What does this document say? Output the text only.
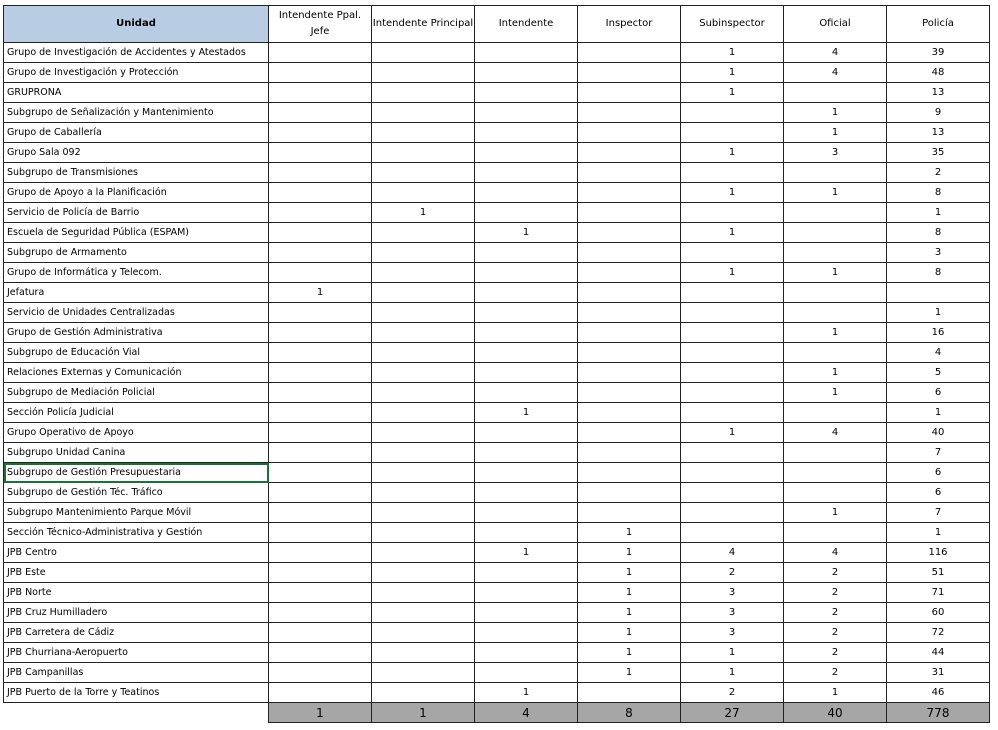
Unidad	Intendente Ppal. Jefe	Intendente Principal	Intendente	Inspector	Subinspector	Oficial	Policía
Grupo de Investigación de Accidentes y Atestados					1	4	39
Grupo de Investigación y Protección					1	4	48
GRUPRONA					1		13
Subgrupo de Señalización y Mantenimiento						1	9
Grupo de Caballería						1	13
Grupo Sala 092					1	3	35
Subgrupo de Transmisiones							2
Grupo de Apoyo a la Planificación					1	1	8
Servicio de Policía de Barrio		1					1
Escuela de Seguridad Pública (ESPAM)			1		1		8
Subgrupo de Armamento							3
Grupo de Informática y Telecom.					1	1	8
Jefatura	1						
Servicio de Unidades Centralizadas							1
Grupo de Gestión Administrativa						1	16
Subgrupo de Educación Vial							4
Relaciones Externas y Comunicación						1	5
Subgrupo de Mediación Policial						1	6
Sección Policía Judicial			1				1
Grupo Operativo de Apoyo					1	4	40
Subgrupo Unidad Canina							7
Subgrupo de Gestión Presupuestaria							6
Subgrupo de Gestión Téc. Tráfico							6
Subgrupo Mantenimiento Parque Móvil						1	7
Sección Técnico-Administrativa y Gestión				1			1
JPB Centro			1	1	4	4	116
JPB Este				1	2	2	51
JPB Norte				1	3	2	71
JPB Cruz Humilladero				1	3	2	60
JPB Carretera de Cádiz				1	3	2	72
JPB Churriana-Aeropuerto				1	1	2	44
JPB Campanillas				1	1	2	31
JPB Puerto de la Torre y Teatinos			1		2	1	46
	1	1	4	8	27	40	778
